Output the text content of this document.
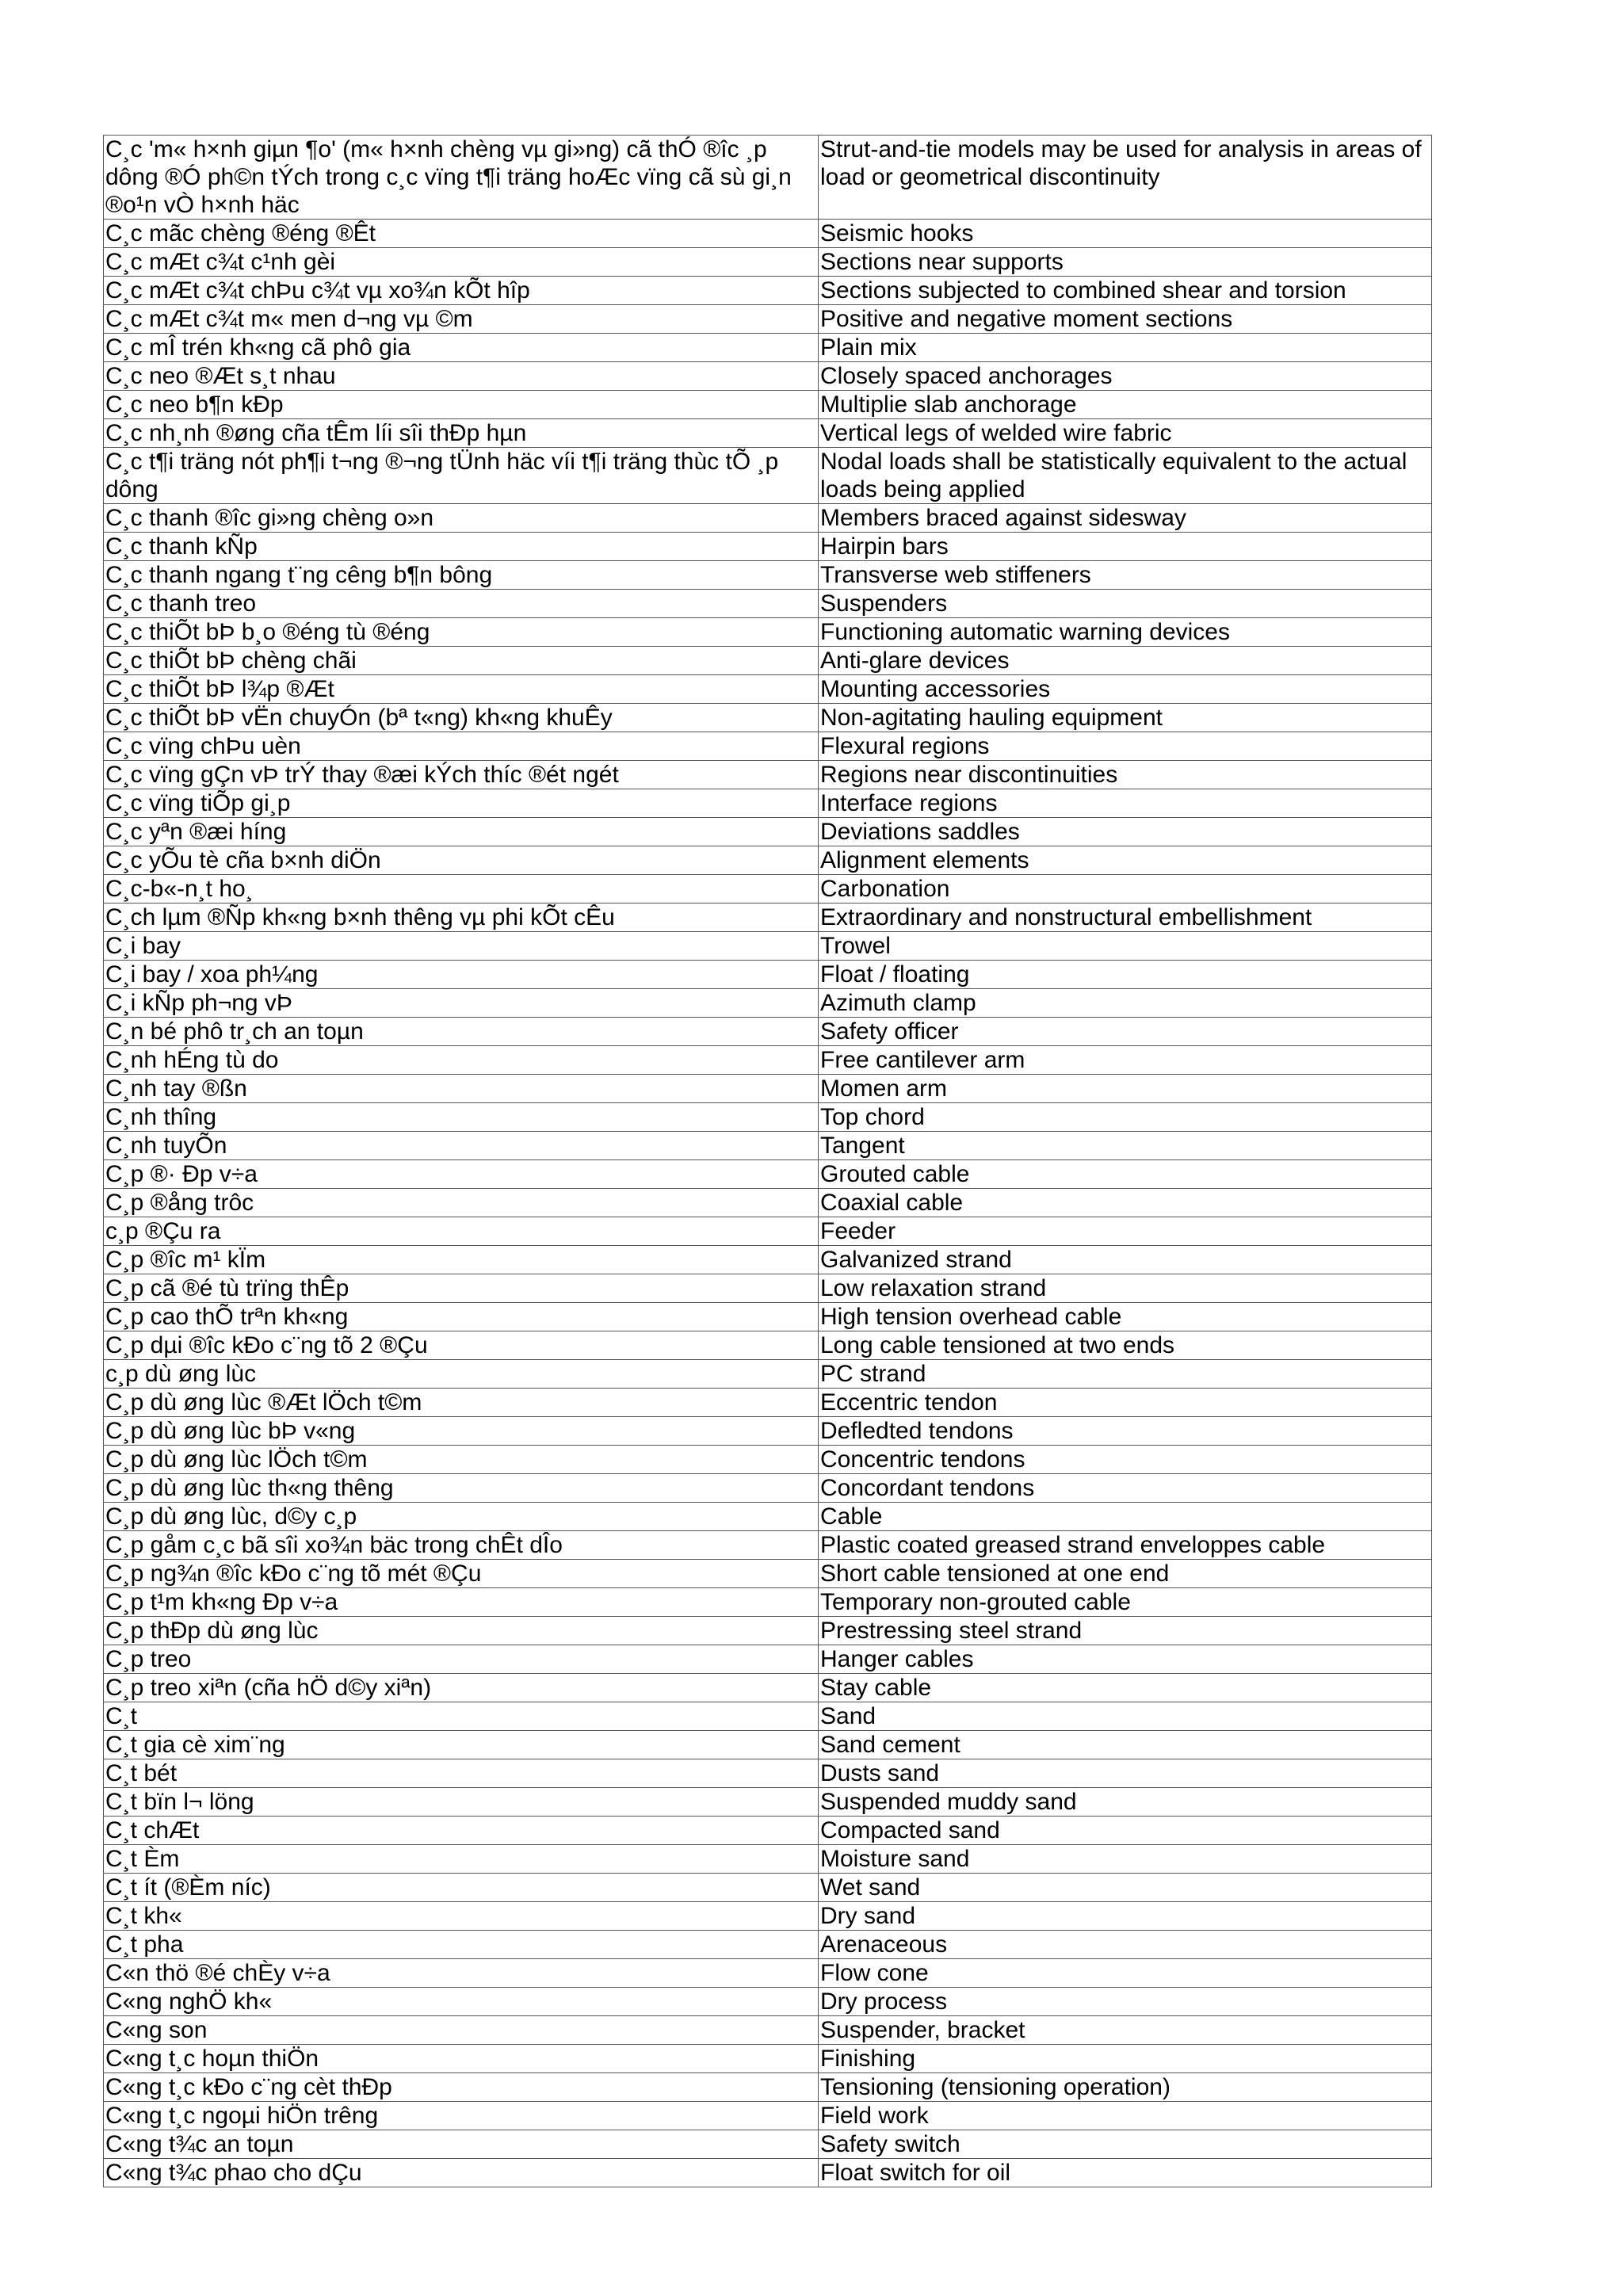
C¸c 'm« h×nh giµn ¶o' (m« h×nh chèng vµ gi»ng) cã thÓ ®îc ¸p dông ®Ó ph©n tÝch trong c¸c vïng t¶i träng hoÆc vïng cã sù gi¸n ®o¹n vÒ h×nh häc	Strut-and-tie models may be used for analysis in areas of load or geometrical discontinuity
C¸c mãc chèng ®éng ®Êt	Seismic hooks
C¸c mÆt c¾t c¹nh gèi	Sections near supports
C¸c mÆt c¾t chÞu c¾t vµ xo¾n kÕt hîp	Sections subjected to combined shear and torsion
C¸c mÆt c¾t m« men d¬ng vµ ©m	Positive and negative moment sections
C¸c mÎ trén kh«ng cã phô gia	Plain mix
C¸c neo ®Æt s¸t nhau	Closely spaced anchorages
C¸c neo b¶n kÐp	Multiplie slab anchorage
C¸c nh¸nh ®øng cña tÊm líi sîi thÐp hµn	Vertical legs of welded wire fabric
C¸c t¶i träng nót ph¶i t¬ng ®¬ng tÜnh häc víi t¶i träng thùc tÕ ¸p dông	Nodal loads shall be statistically equivalent to the actual loads being applied
C¸c thanh ®îc gi»ng chèng o»n	Members braced against sidesway
C¸c thanh kÑp	Hairpin bars
C¸c thanh ngang t¨ng cêng b¶n bông	Transverse web stiffeners
C¸c thanh treo	Suspenders
C¸c thiÕt bÞ b¸o ®éng tù ®éng	Functioning automatic warning devices
C¸c thiÕt bÞ chèng chãi	Anti-glare devices
C¸c thiÕt bÞ l¾p ®Æt	Mounting accessories
C¸c thiÕt bÞ vËn chuyÓn (bª t«ng) kh«ng khuÊy	Non-agitating hauling equipment
C¸c vïng chÞu uèn	Flexural regions
C¸c vïng gÇn vÞ trÝ thay ®æi kÝch thíc ®ét ngét	Regions near discontinuities
C¸c vïng tiÕp gi¸p	Interface regions
C¸c yªn ®æi híng	Deviations saddles
C¸c yÕu tè cña b×nh diÖn	Alignment elements
C¸c-b«-n¸t ho¸	Carbonation
C¸ch lµm ®Ñp kh«ng b×nh thêng vµ phi kÕt cÊu	Extraordinary and nonstructural embellishment
C¸i bay	Trowel
C¸i bay / xoa ph¼ng	Float / floating
C¸i kÑp ph¬ng vÞ	Azimuth clamp
C¸n bé phô tr¸ch an toµn	Safety officer
C¸nh hÉng tù do	Free cantilever arm
C¸nh tay ®ßn	Momen arm
C¸nh thîng	Top chord
C¸nh tuyÕn	Tangent
C¸p ®· Ðp v÷a	Grouted cable
C¸p ®ång trôc	Coaxial cable
c¸p ®Çu ra	Feeder
C¸p ®îc m¹ kÏm	Galvanized strand
C¸p cã ®é tù trïng thÊp	Low relaxation strand
C¸p cao thÕ trªn kh«ng	High tension overhead cable
C¸p dµi ®îc kÐo c¨ng tõ 2 ®Çu	Long cable tensioned at two ends
c¸p dù øng lùc	PC strand
C¸p dù øng lùc ®Æt lÖch t©m	Eccentric tendon
C¸p dù øng lùc bÞ v«ng	Defledted tendons
C¸p dù øng lùc lÖch t©m	Concentric tendons
C¸p dù øng lùc th«ng thêng	Concordant tendons
C¸p dù øng lùc, d©y c¸p	Cable
C¸p gåm c¸c bã sîi xo¾n bäc trong chÊt dÎo	Plastic coated greased strand enveloppes cable
C¸p ng¾n ®îc kÐo c¨ng tõ mét ®Çu	Short cable tensioned at one end
C¸p t¹m kh«ng Ðp v÷a	Temporary non-grouted cable
C¸p thÐp dù øng lùc	Prestressing steel strand
C¸p treo	Hanger cables
C¸p treo xiªn (cña hÖ d©y xiªn)	Stay cable
C¸t	Sand
C¸t gia cè xim¨ng	Sand cement
C¸t bét	Dusts sand
C¸t bïn l¬ löng	Suspended muddy sand
C¸t chÆt	Compacted sand
C¸t Èm	Moisture sand
C¸t ít (®Èm níc)	Wet sand
C¸t kh«	Dry sand
C¸t pha	Arenaceous
C«n thö ®é chÈy v÷a	Flow cone
C«ng nghÖ kh«	Dry process
C«ng son	Suspender, bracket
C«ng t¸c hoµn thiÖn	Finishing
C«ng t¸c kÐo c¨ng cèt thÐp	Tensioning (tensioning operation)
C«ng t¸c ngoµi hiÖn trêng	Field work
C«ng t¾c an toµn	Safety switch
C«ng t¾c phao cho dÇu	Float switch for oil
